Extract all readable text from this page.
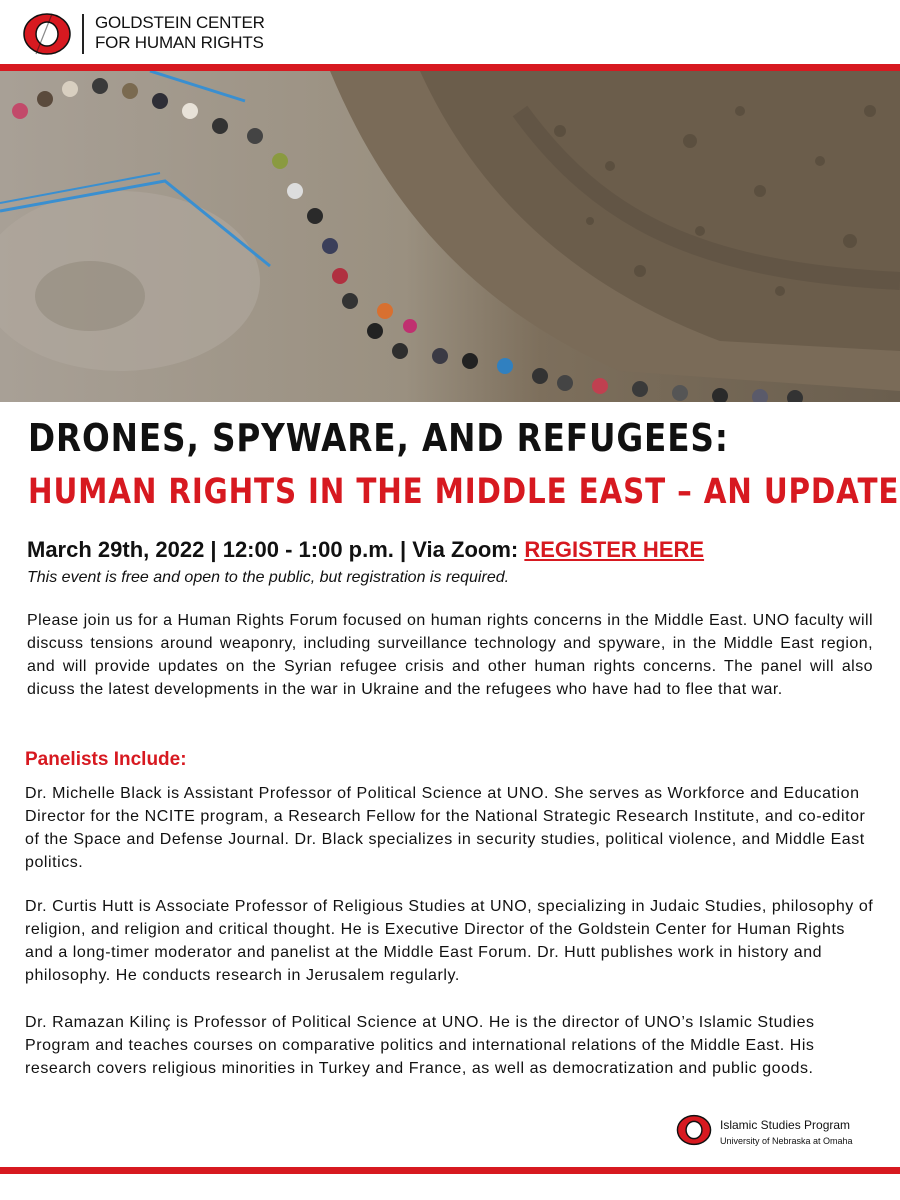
GOLDSTEIN CENTER
FOR HUMAN RIGHTS
DRONES, SPYWARE, AND REFUGEES:
HUMAN RIGHTS IN THE MIDDLE EAST – AN UPDATE
March 29th, 2022 | 12:00 - 1:00 p.m. | Via Zoom: REGISTER HERE
This event is free and open to the public, but registration is required.
Please join us for a Human Rights Forum focused on human rights concerns in the Middle East. UNO faculty will discuss tensions around weaponry, including surveillance technology and spyware, in the Middle East region, and will provide updates on the Syrian refugee crisis and other human rights concerns. The panel will also dicuss the latest developments in the war in Ukraine and the refugees who have had to flee that war.
Panelists Include:
Dr. Michelle Black is Assistant Professor of Political Science at UNO. She serves as Workforce and Education Director for the NCITE program, a Research Fellow for the National Strategic Research Institute, and co-editor of the Space and Defense Journal. Dr. Black specializes in security studies, political violence, and Middle East politics.
Dr. Curtis Hutt is Associate Professor of Religious Studies at UNO, specializing in Judaic Studies, philosophy of religion, and religion and critical thought. He is Executive Director of the Goldstein Center for Human Rights and a long-timer moderator and panelist at the Middle East Forum. Dr. Hutt publishes work in history and philosophy. He conducts research in Jerusalem regularly.
Dr. Ramazan Kilinç is Professor of Political Science at UNO. He is the director of UNO’s Islamic Studies Program and teaches courses on comparative politics and international relations of the Middle East. His research covers religious minorities in Turkey and France, as well as democratization and public goods.
Islamic Studies Program
University of Nebraska at Omaha
